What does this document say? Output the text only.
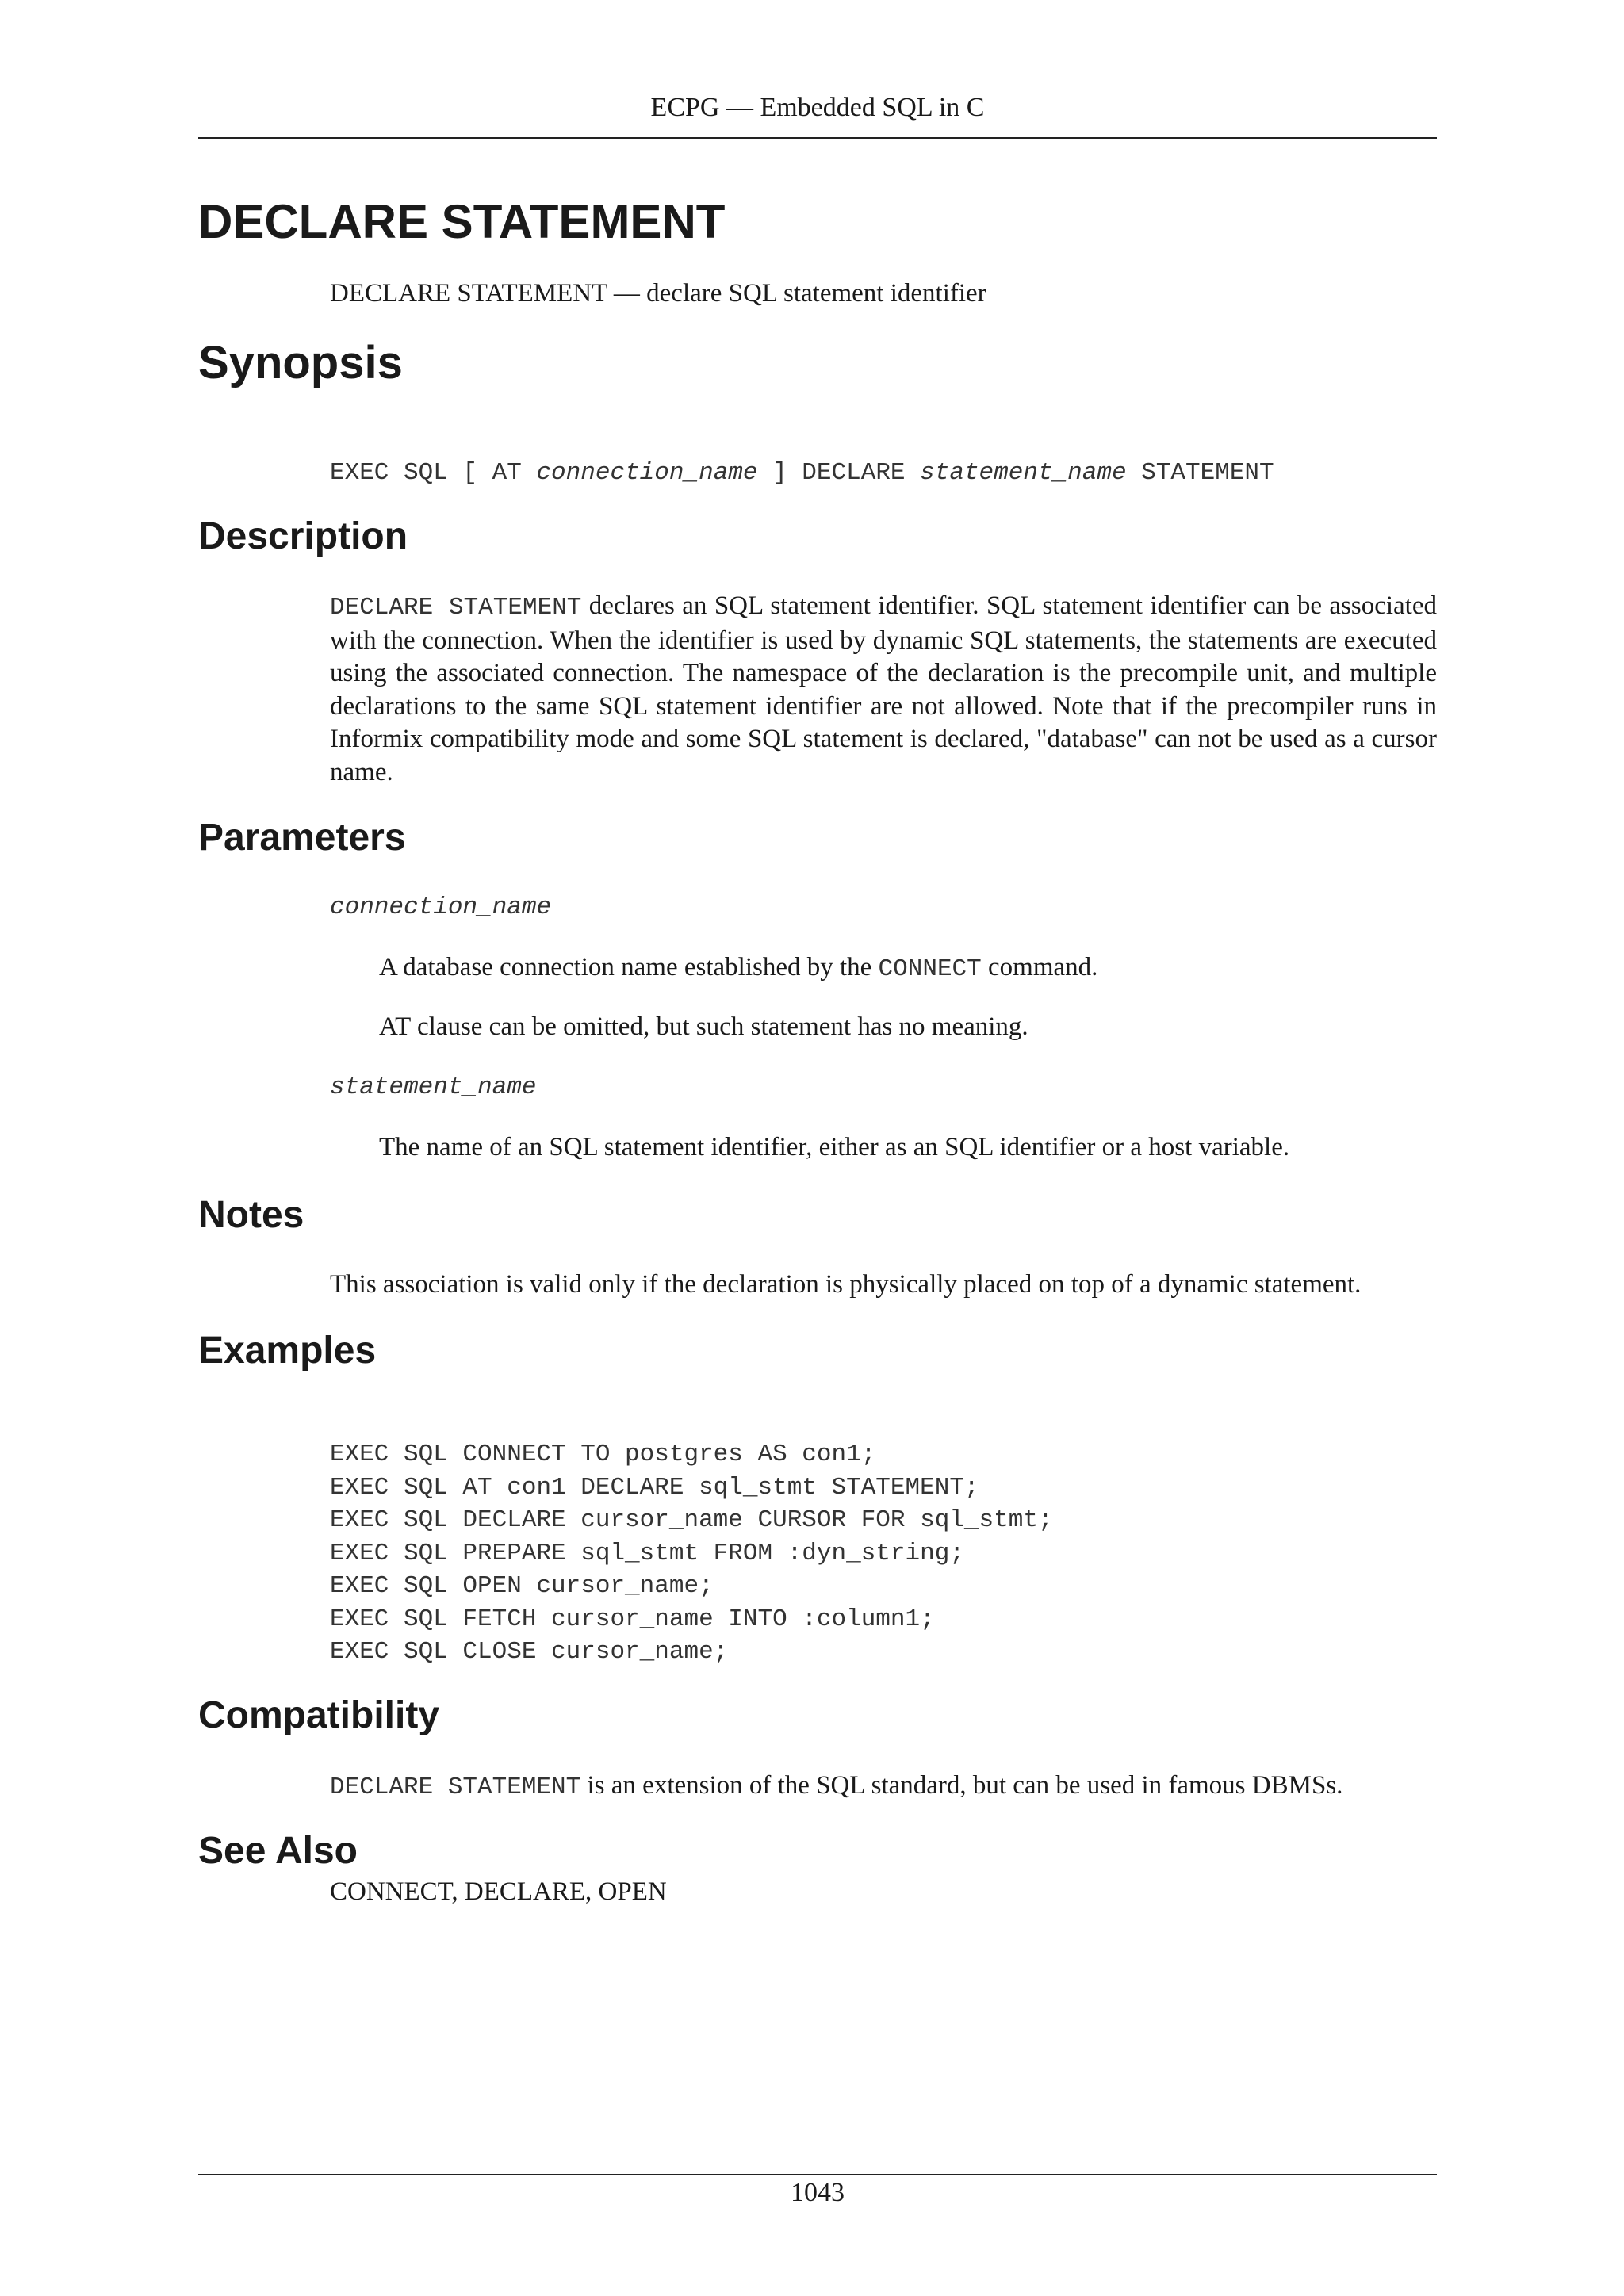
ECPG — Embedded SQL in C
DECLARE STATEMENT

DECLARE STATEMENT — declare SQL statement identifier

Synopsis
EXEC SQL [ AT connection_name ] DECLARE statement_name STATEMENT
Description

DECLARE STATEMENT declares an SQL statement identifier. SQL statement identifier can be associated with the connection. When the identifier is used by dynamic SQL statements, the statements are executed using the associated connection. The namespace of the declaration is the precompile unit, and multiple declarations to the same SQL statement identifier are not allowed. Note that if the precompiler runs in Informix compatibility mode and some SQL statement is declared, "database" can not be used as a cursor name.

Parameters
connection_name
A database connection name established by the CONNECT command.
AT clause can be omitted, but such statement has no meaning.
statement_name
The name of an SQL statement identifier, either as an SQL identifier or a host variable.
Notes

This association is valid only if the declaration is physically placed on top of a dynamic statement.

Examples
EXEC SQL CONNECT TO postgres AS con1;
EXEC SQL AT con1 DECLARE sql_stmt STATEMENT;
EXEC SQL DECLARE cursor_name CURSOR FOR sql_stmt;
EXEC SQL PREPARE sql_stmt FROM :dyn_string;
EXEC SQL OPEN cursor_name;
EXEC SQL FETCH cursor_name INTO :column1;
EXEC SQL CLOSE cursor_name;
Compatibility

DECLARE STATEMENT is an extension of the SQL standard, but can be used in famous DBMSs.

See Also

CONNECT, DECLARE, OPEN

1043
